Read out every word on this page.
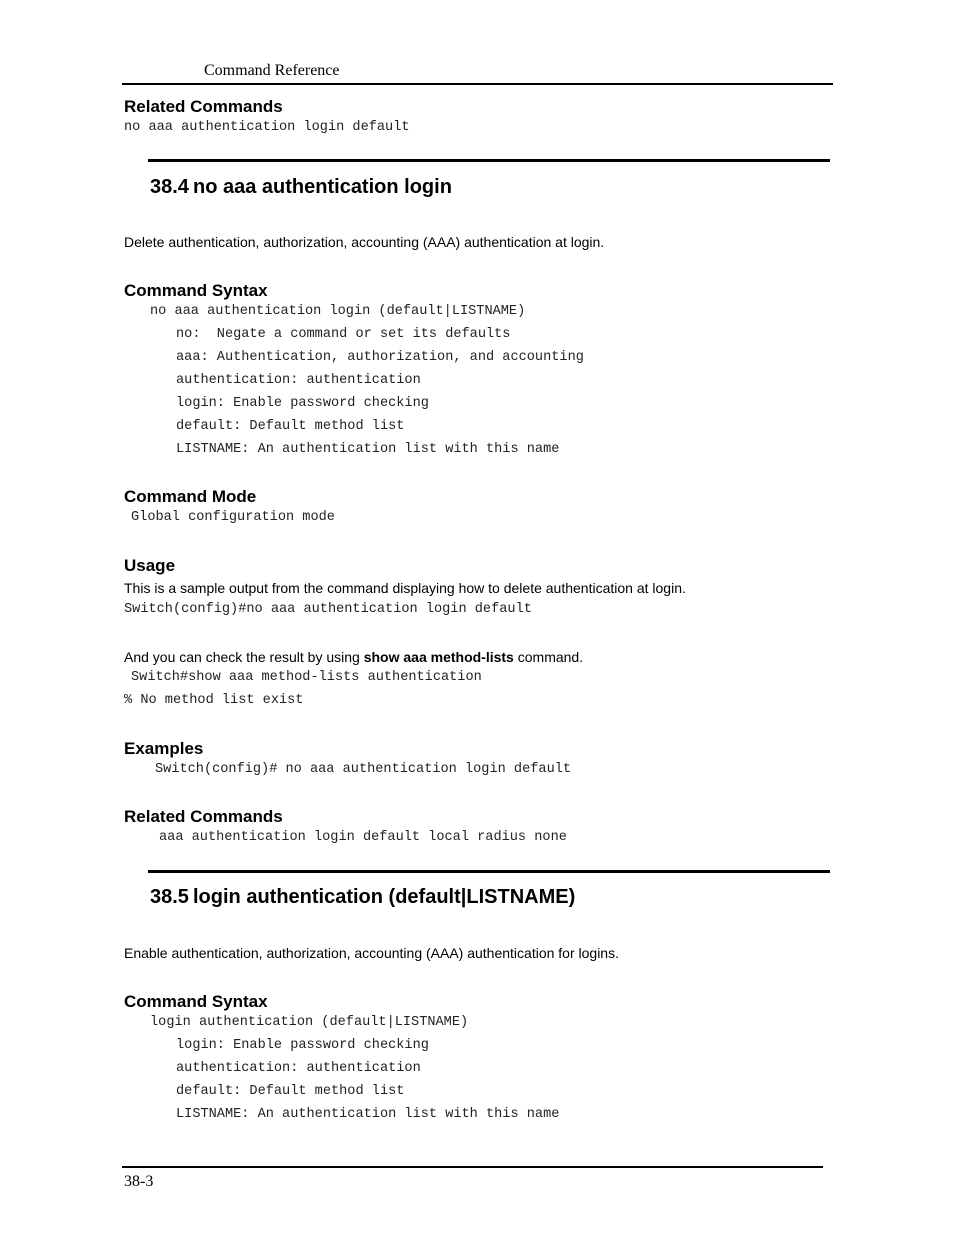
Command Reference
Related Commands
no aaa authentication login default
38.4 no aaa authentication login
Delete authentication, authorization, accounting (AAA) authentication at login.
Command Syntax
no aaa authentication login (default|LISTNAME)
no:  Negate a command or set its defaults
aaa: Authentication, authorization, and accounting
authentication: authentication
login: Enable password checking
default: Default method list
LISTNAME: An authentication list with this name
Command Mode
Global configuration mode
Usage
This is a sample output from the command displaying how to delete authentication at login.
Switch(config)#no aaa authentication login default
And you can check the result by using show aaa method-lists command.
Switch#show aaa method-lists authentication
% No method list exist
Examples
Switch(config)# no aaa authentication login default
Related Commands
aaa authentication login default local radius none
38.5 login authentication (default|LISTNAME)
Enable authentication, authorization, accounting (AAA) authentication for logins.
Command Syntax
login authentication (default|LISTNAME)
login: Enable password checking
authentication: authentication
default: Default method list
LISTNAME: An authentication list with this name
38-3
